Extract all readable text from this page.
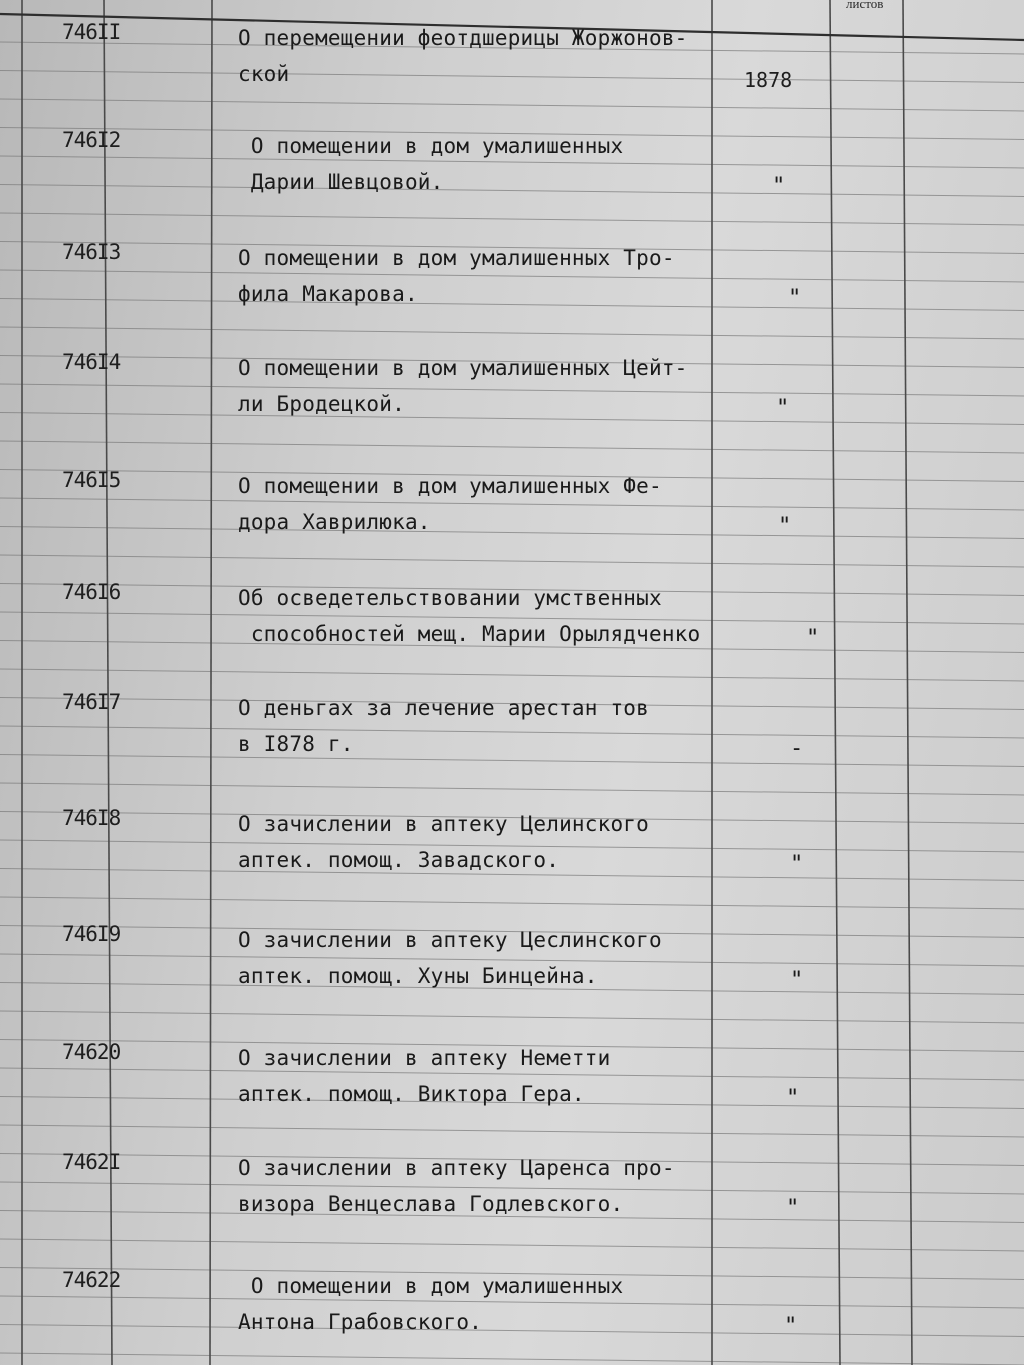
листов
746II	О перемещении феотдшерицы Жоржонов-
ской	1878
746I2	О помещении в дом умалишенных
Дарии Шевцовой.	"
746I3	О помещении в дом умалишенных Тро-
фила Макарова.	"
746I4	О помещении в дом умалишенных Цейт-
ли Бродецкой.	"
746I5	О помещении в дом умалишенных Фе-
дора Хаврилюка.	"
746I6	Об осведетельствовании умственных
способностей мещ. Марии Орылядченко	"
746I7	О деньгах за лечение арестан тов
в I878 г.	-
746I8	О зачислении в аптеку Целинского
аптек. помощ. Завадского.	"
746I9	О зачислении в аптеку Цеслинского
аптек. помощ. Хуны Бинцейна.	"
74620	О зачислении в аптеку Неметти
аптек. помощ. Виктора Гера.	"
7462I	О зачислении в аптеку Царенса про-
визора Венцеслава Годлевского.	"
74622	О помещении в дом умалишенных
Антона Грабовского.	"
